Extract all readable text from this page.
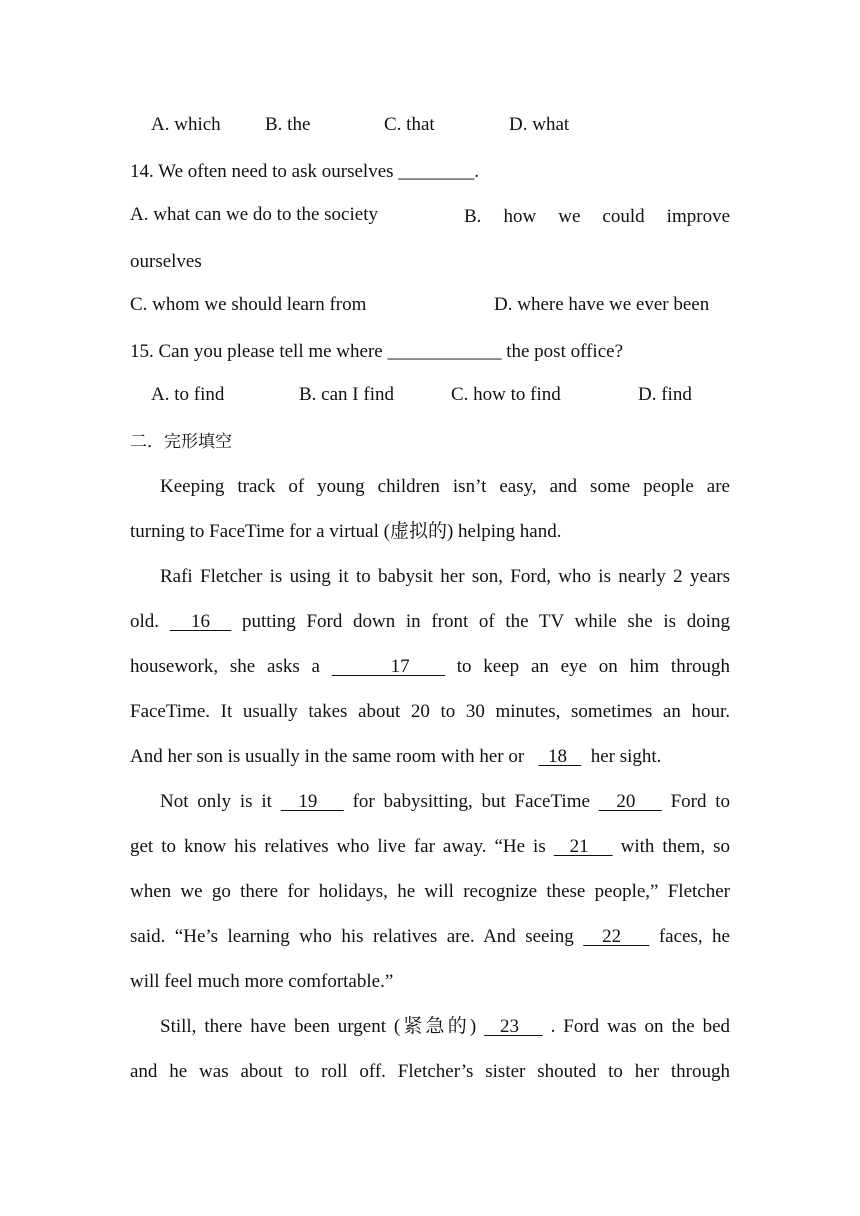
A. which B. the	C. that	D. what
14. We often need to ask ourselves ________.
A. what can we do to the society	B. how we could improve
ourselves
C. whom we should learn from	D. where have we ever been
15. Can you please tell me where ____________ the post office?
A. to find	B. can I find	C. how to find	D. find
二．完形填空
Keeping track of young children isn’t easy, and some people are
turning to FaceTime for a virtual (虚拟的) helping hand.
Rafi Fletcher is using it to babysit her son, Ford, who is nearly 2 years
old.   16   putting Ford down in front of the TV while she is doing
housework, she asks a      17    to keep an eye on him through
FaceTime. It usually takes about 20 to 30 minutes, sometimes an hour.
And her son is usually in the same room with her or     18     her sight.
Not only is it   19    for babysitting, but FaceTime   20    Ford to
get to know his relatives who live far away. “He is   21    with them, so
when we go there for holidays, he will recognize these people,” Fletcher
said. “He’s learning who his relatives are. And seeing   22    faces, he
will feel much more comfortable.”
Still, there have been urgent (紧急的)   23    . Ford was on the bed
and he was about to roll off. Fletcher’s sister shouted to her through
